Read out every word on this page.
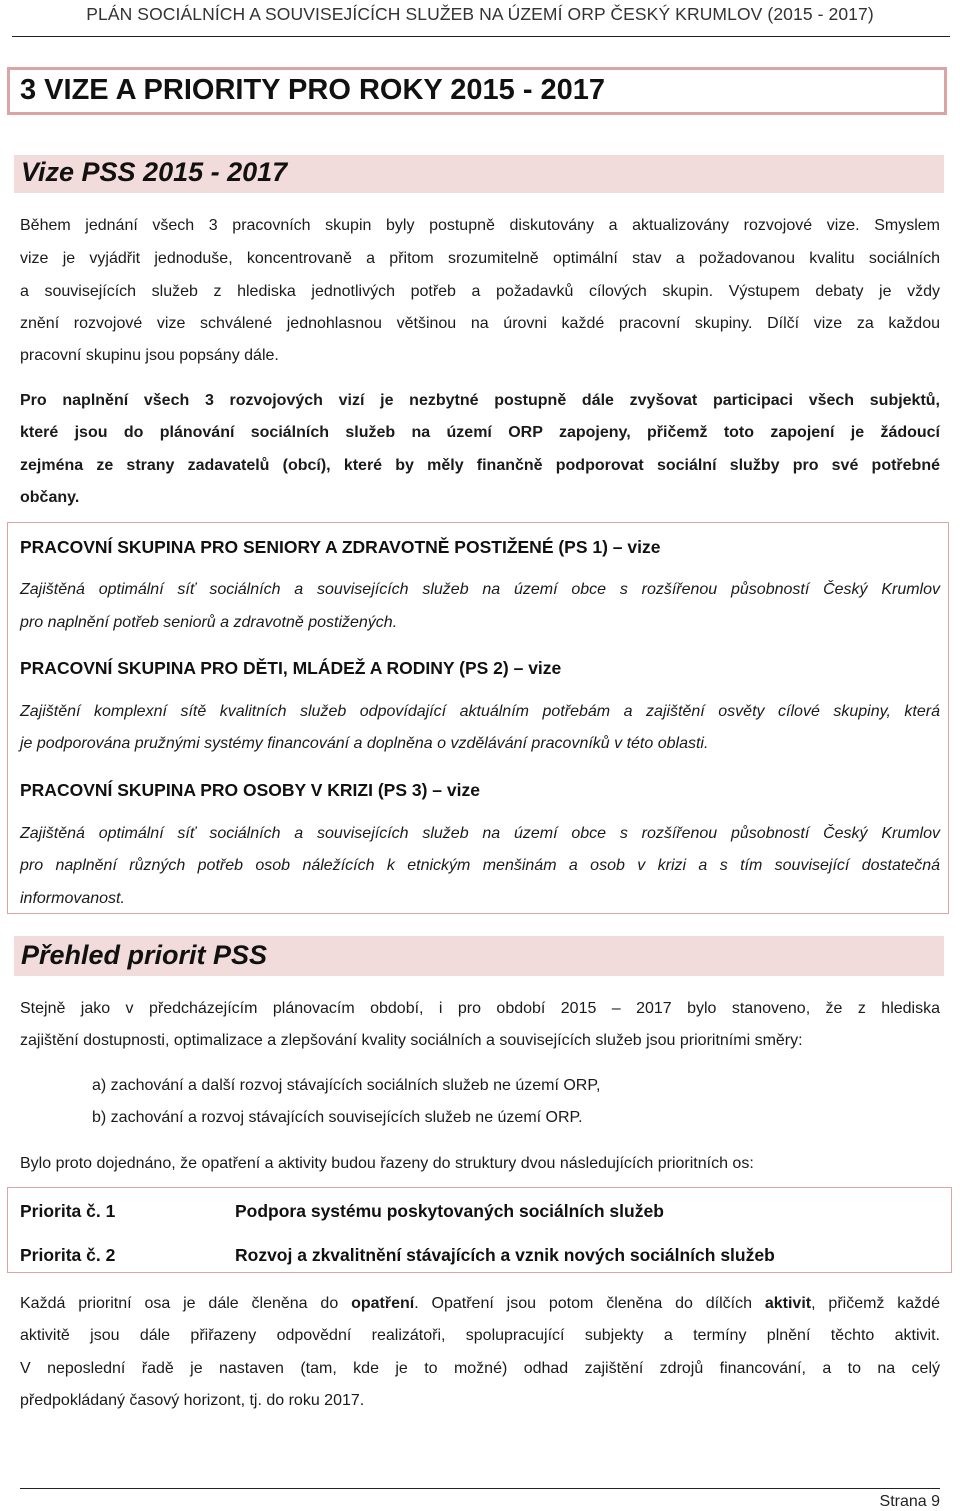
PLÁN SOCIÁLNÍCH A SOUVISEJÍCÍCH SLUŽEB NA ÚZEMÍ ORP ČESKÝ KRUMLOV (2015 - 2017)
3 VIZE A PRIORITY PRO ROKY 2015 - 2017
Vize PSS 2015 - 2017
Během jednání všech 3 pracovních skupin byly postupně diskutovány a aktualizovány rozvojové vize. Smyslem
vize je vyjádřit jednoduše, koncentrovaně a přitom srozumitelně optimální stav a požadovanou kvalitu sociálních
a souvisejících služeb z hlediska jednotlivých potřeb a požadavků cílových skupin. Výstupem debaty je vždy
znění rozvojové vize schválené jednohlasnou většinou na úrovni každé pracovní skupiny. Dílčí vize za každou
pracovní skupinu jsou popsány dále.
Pro naplnění všech 3 rozvojových vizí je nezbytné postupně dále zvyšovat participaci všech subjektů,
které jsou do plánování sociálních služeb na území ORP zapojeny, přičemž toto zapojení je žádoucí
zejména ze strany zadavatelů (obcí), které by měly finančně podporovat sociální služby pro své potřebné
občany.
PRACOVNÍ SKUPINA PRO SENIORY A ZDRAVOTNĚ POSTIŽENÉ (PS 1) – vize
Zajištěná optimální síť sociálních a souvisejících služeb na území obce s rozšířenou působností Český Krumlov
pro naplnění potřeb seniorů a zdravotně postižených.
PRACOVNÍ SKUPINA PRO DĚTI, MLÁDEŽ A RODINY (PS 2) – vize
Zajištění komplexní sítě kvalitních služeb odpovídající aktuálním potřebám a zajištění osvěty cílové skupiny, která
je podporována pružnými systémy financování a doplněna o vzdělávání pracovníků v této oblasti.
PRACOVNÍ SKUPINA PRO OSOBY V KRIZI (PS 3) – vize
Zajištěná optimální síť sociálních a souvisejících služeb na území obce s rozšířenou působností Český Krumlov
pro naplnění různých potřeb osob náležících k etnickým menšinám a osob v krizi a s tím související dostatečná
informovanost.
Přehled priorit PSS
Stejně jako v předcházejícím plánovacím období, i pro období 2015 – 2017 bylo stanoveno, že z hlediska
zajištění dostupnosti, optimalizace a zlepšování kvality sociálních a souvisejících služeb jsou prioritními směry:
a) zachování a další rozvoj stávajících sociálních služeb ne území ORP,
b) zachování a rozvoj stávajících souvisejících služeb ne území ORP.
Bylo proto dojednáno, že opatření a aktivity budou řazeny do struktury dvou následujících prioritních os:
Priorita č. 1	Podpora systému poskytovaných sociálních služeb
Priorita č. 2	Rozvoj a zkvalitnění stávajících a vznik nových sociálních služeb
Každá prioritní osa je dále členěna do opatření. Opatření jsou potom členěna do dílčích aktivit, přičemž každé
aktivitě jsou dále přiřazeny odpovědní realizátoři, spolupracující subjekty a termíny plnění těchto aktivit.
V neposlední řadě je nastaven (tam, kde je to možné) odhad zajištění zdrojů financování, a to na celý
předpokládaný časový horizont, tj. do roku 2017.
Strana 9
